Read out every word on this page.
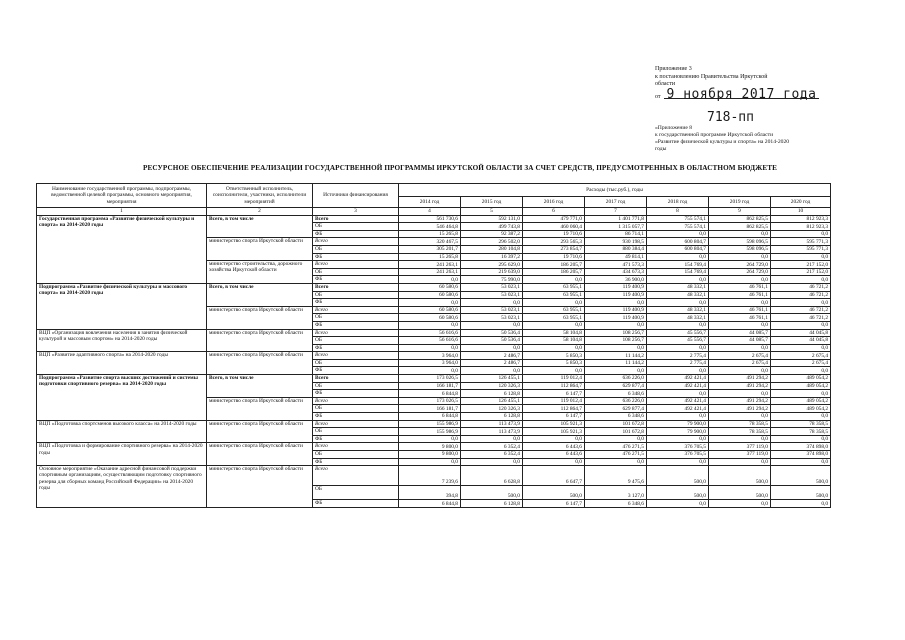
Приложение 3
к постановлению Правительства Иркутской
области
от 9 ноября 2017 года
718-пп
«Приложение 8
к государственной программе Иркутской области
«Развитие физической культуры и спорта» на 2014-2020
годы
РЕСУРСНОЕ ОБЕСПЕЧЕНИЕ РЕАЛИЗАЦИИ ГОСУДАРСТВЕННОЙ ПРОГРАММЫ ИРКУТСКОЙ ОБЛАСТИ ЗА СЧЕТ СРЕДСТВ, ПРЕДУСМОТРЕННЫХ В ОБЛАСТНОМ БЮДЖЕТЕ
Наименование государственной программы, подпрограммы, ведомственной целевой программы, основного мероприятия, мероприятия	Ответственный исполнитель, соисполнители, участники, исполнители мероприятий	Источники финансирования	Расходы (тыс.руб.), годы						
			2014 год	2015 год	2016 год	2017 год	2018 год	2019 год	2020 год
1	2	3	4	5	6	7	8	9	10
Государственная программа «Развитие физической культуры и спорта» на 2014-2020 годы	Всего, в том числе	Всего	561 730,6	592 131,0	479 771,0	1 401 771,8	755 574,1	862 825,5	812 923,3
		ОБ	546 464,8	499 743,8	460 060,4	1 315 057,7	755 574,1	862 825,5	812 923,3
		ФБ	15 265,8	92 387,2	19 710,6	86 714,1	0,0	0,0	0,0
	министерство спорта Иркутской области	Всего	320 467,5	296 502,0	293 565,3	930 198,5	600 804,7	598 096,5	595 771,3
		ОБ	305 201,7	280 104,8	273 854,7	880 384,4	600 804,7	598 096,5	595 771,3
		ФБ	15 265,8	16 397,2	19 710,6	49 814,1	0,0	0,0	0,0
	министерство строительства, дорожного хозяйства Иркутской области	Всего	241 263,1	295 629,0	186 205,7	471 573,3	154 769,4	264 729,0	217 152,0
		ОБ	241 263,1	219 639,0	186 205,7	434 673,3	154 769,4	264 729,0	217 152,0
		ФБ	0,0	75 990,0	0,0	36 900,0	0,0	0,0	0,0
Подпрограмма «Развитие физической культуры и массового спорта» на 2014-2020 годы	Всего, в том числе	Всего	60 580,6	53 023,1	63 955,1	119 400,9	48 332,1	46 761,1	46 721,2
		ОБ	60 580,6	53 023,1	63 955,1	119 400,9	48 332,1	46 761,1	46 721,2
		ФБ	0,0	0,0	0,0	0,0	0,0	0,0	0,0
	министерство спорта Иркутской области	Всего	60 580,6	53 023,1	63 955,1	119 400,9	48 332,1	46 761,1	46 721,2
		ОБ	60 580,6	53 023,1	63 955,1	119 400,9	48 332,1	46 761,1	46 721,2
		ФБ	0,0	0,0	0,0	0,0	0,0	0,0	0,0
ВЦП «Организация вовлечения населения в занятия физической культурой и массовым спортом» на 2014-2020 годы	министерство спорта Иркутской области	Всего	56 616,6	50 536,4	58 104,8	108 256,7	45 556,7	44 085,7	44 045,8
		ОБ	56 616,6	50 536,4	58 104,8	108 256,7	45 556,7	44 085,7	44 045,8
		ФБ	0,0	0,0	0,0	0,0	0,0	0,0	0,0
ВЦП «Развитие адаптивного спорта» на 2014-2020 годы	министерство спорта Иркутской области	Всего	3 964,0	2 486,7	5 850,3	11 144,2	2 775,4	2 675,4	2 675,4
		ОБ	3 964,0	2 486,7	5 850,3	11 144,2	2 775,4	2 675,4	2 675,4
		ФБ	0,0	0,0	0,0	0,0	0,0	0,0	0,0
Подпрограмма «Развитие спорта высших достижений и системы подготовки спортивного резерва» на 2014-2020 годы	Всего, в том числе	Всего	173 026,5	126 455,1	119 012,4	636 226,0	492 421,4	491 294,2	489 054,2
		ОБ	166 181,7	120 326,3	112 864,7	629 877,4	492 421,4	491 294,2	489 054,2
		ФБ	6 844,8	6 128,8	6 147,7	6 348,6	0,0	0,0	0,0
	министерство спорта Иркутской области	Всего	173 026,5	126 455,1	119 012,4	636 226,0	492 421,4	491 294,2	489 054,2
		ОБ	166 181,7	120 326,3	112 864,7	629 877,4	492 421,4	491 294,2	489 054,2
		ФБ	6 844,8	6 128,8	6 147,7	6 348,6	0,0	0,0	0,0
ВЦП «Подготовка спортсменов высокого класса» на 2014-2020 годы	министерство спорта Иркутской области	Всего	155 986,9	113 473,9	105 921,3	101 672,8	79 900,0	78 358,5	78 358,5
		ОБ	155 986,9	113 473,9	105 921,3	101 672,8	79 900,0	78 358,5	78 358,5
		ФБ	0,0	0,0	0,0	0,0	0,0	0,0	0,0
ВЦП «Подготовка и формирование спортивного резерва» на 2014-2020 годы	министерство спорта Иркутской области	Всего	9 800,0	6 352,4	6 443,6	476 271,5	376 705,5	377 119,0	374 898,0
		ОБ	9 800,0	6 352,4	6 443,6	476 271,5	376 705,5	377 119,0	374 898,0
		ФБ	0,0	0,0	0,0	0,0	0,0	0,0	0,0
Основное мероприятие «Оказание адресной финансовой поддержки спортивным организациям, осуществляющим подготовку спортивного резерва для сборных команд Российской Федерации» на 2014-2020 годы	министерство спорта Иркутской области	Всего	7 239,6	6 628,8	6 647,7	9 475,6	500,0	500,0	500,0
		ОБ	394,8	500,0	500,0	3 127,0	500,0	500,0	500,0
		ФБ	6 844,8	6 128,8	6 147,7	6 348,6	0,0	0,0	0,0
